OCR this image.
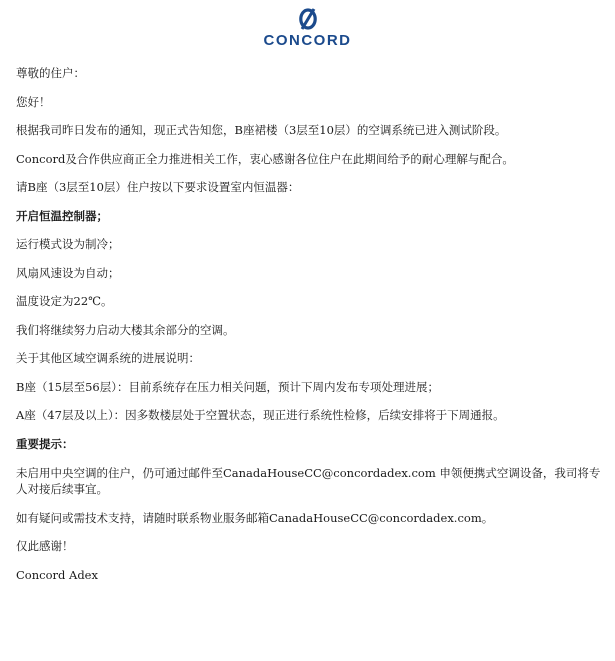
CONCORD

尊敬的住户：

您好！

根据我司昨日发布的通知，现正式告知您，B座裙楼（3层至10层）的空调系统已进入测试阶段。

Concord及合作供应商正全力推进相关工作，衷心感谢各位住户在此期间给予的耐心理解与配合。

请B座（3层至10层）住户按以下要求设置室内恒温器：

开启恒温控制器；

运行模式设为制冷；

风扇风速设为自动；

温度设定为22℃。

我们将继续努力启动大楼其余部分的空调。

关于其他区域空调系统的进展说明：

B座（15层至56层）：目前系统存在压力相关问题，预计下周内发布专项处理进展；

A座（47层及以上）：因多数楼层处于空置状态，现正进行系统性检修，后续安排将于下周通报。

重要提示：

未启用中央空调的住户，仍可通过邮件至CanadaHouseCC@concordadex.com 申领便携式空调设备，我司将专人对接后续事宜。

如有疑问或需技术支持，请随时联系物业服务邮箱CanadaHouseCC@concordadex.com。

仅此感谢！

Concord Adex
